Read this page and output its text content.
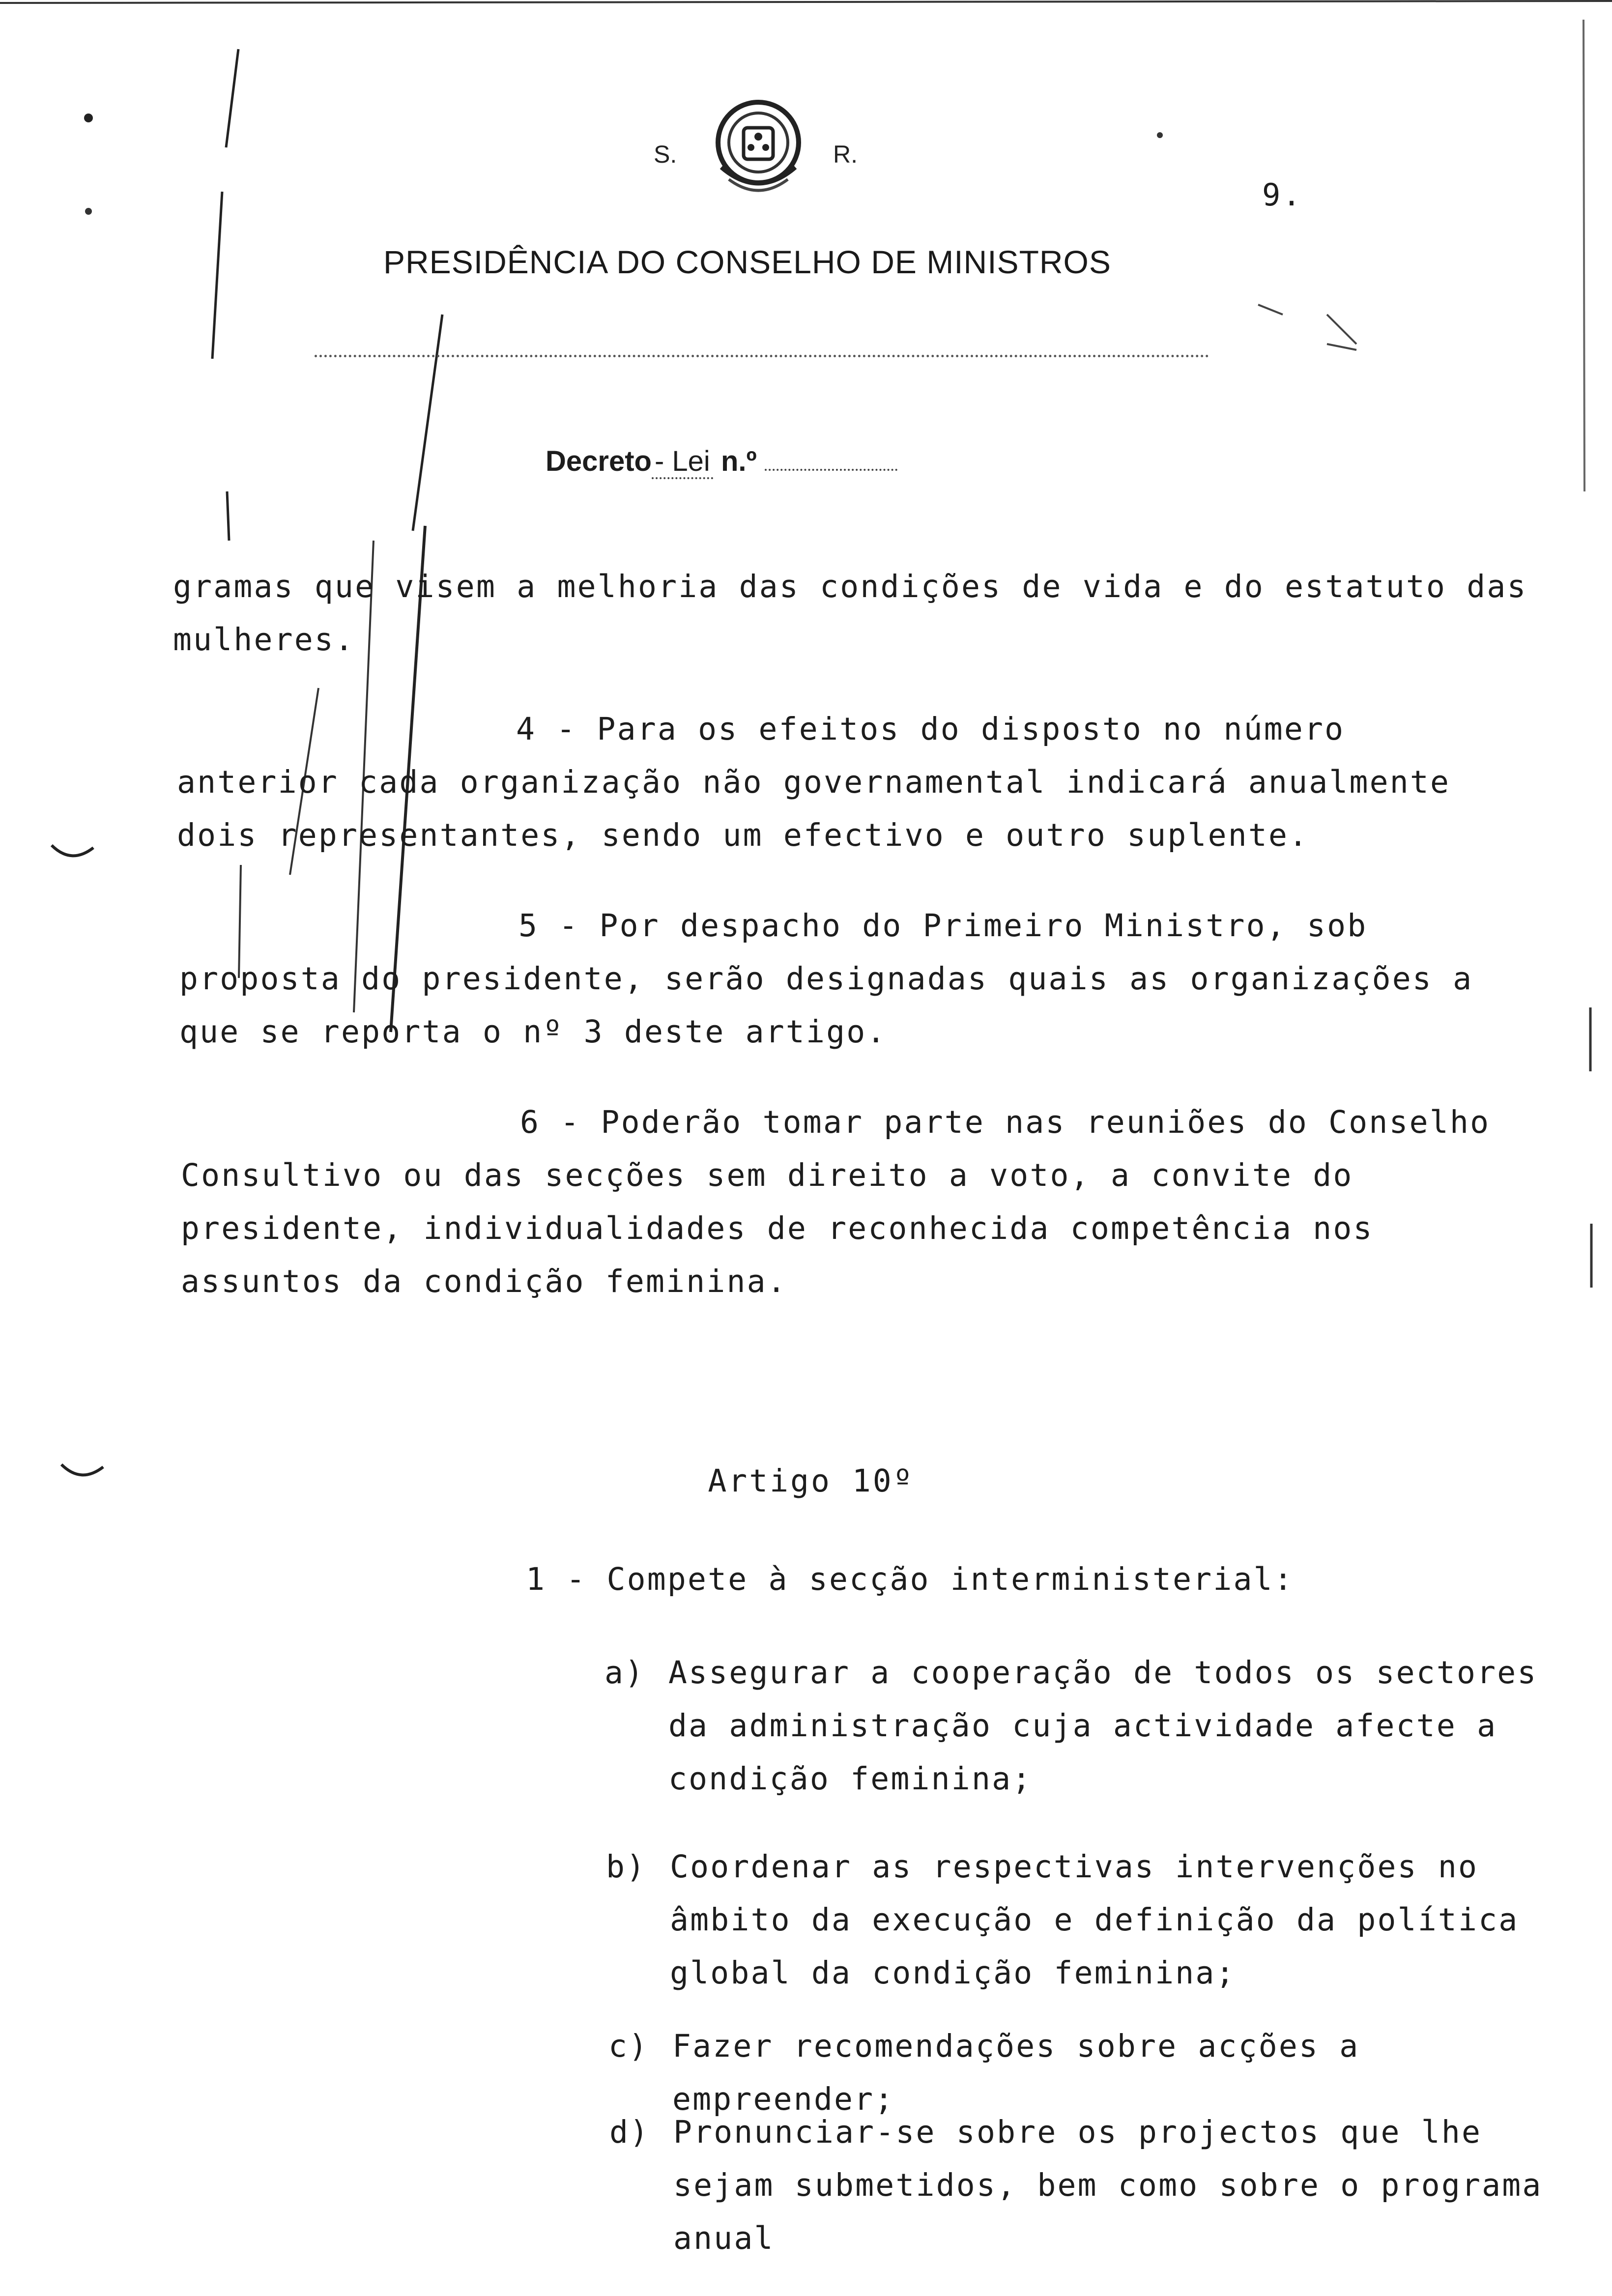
S.	R.
9.
PRESIDÊNCIA DO CONSELHO DE MINISTROS
Decreto - Lei n.º
gramas que visem a melhoria das condições de vida e do estatuto das mulheres.
4 - Para os efeitos do disposto no número anterior cada organização não governamental indicará anualmente dois representantes, sendo um efectivo e outro suplente.
5 - Por despacho do Primeiro Ministro, sob proposta do presidente, serão designadas quais as organizações a que se reporta o nº 3 deste artigo.
6 - Poderão tomar parte nas reuniões do Conselho Consultivo ou das secções sem direito a voto, a convite do presidente, individualidades de reconhecida competência nos assuntos da condição feminina.
Artigo 10º
1 - Compete à secção interministerial:
a) Assegurar a cooperação de todos os sectores da administração cuja actividade afecte a condição feminina;
b) Coordenar as respectivas intervenções no âmbito da execução e definição da política global da condição feminina;
c) Fazer recomendações sobre acções a empreender;
d) Pronunciar-se sobre os projectos que lhe sejam submetidos, bem como sobre o programa anual
